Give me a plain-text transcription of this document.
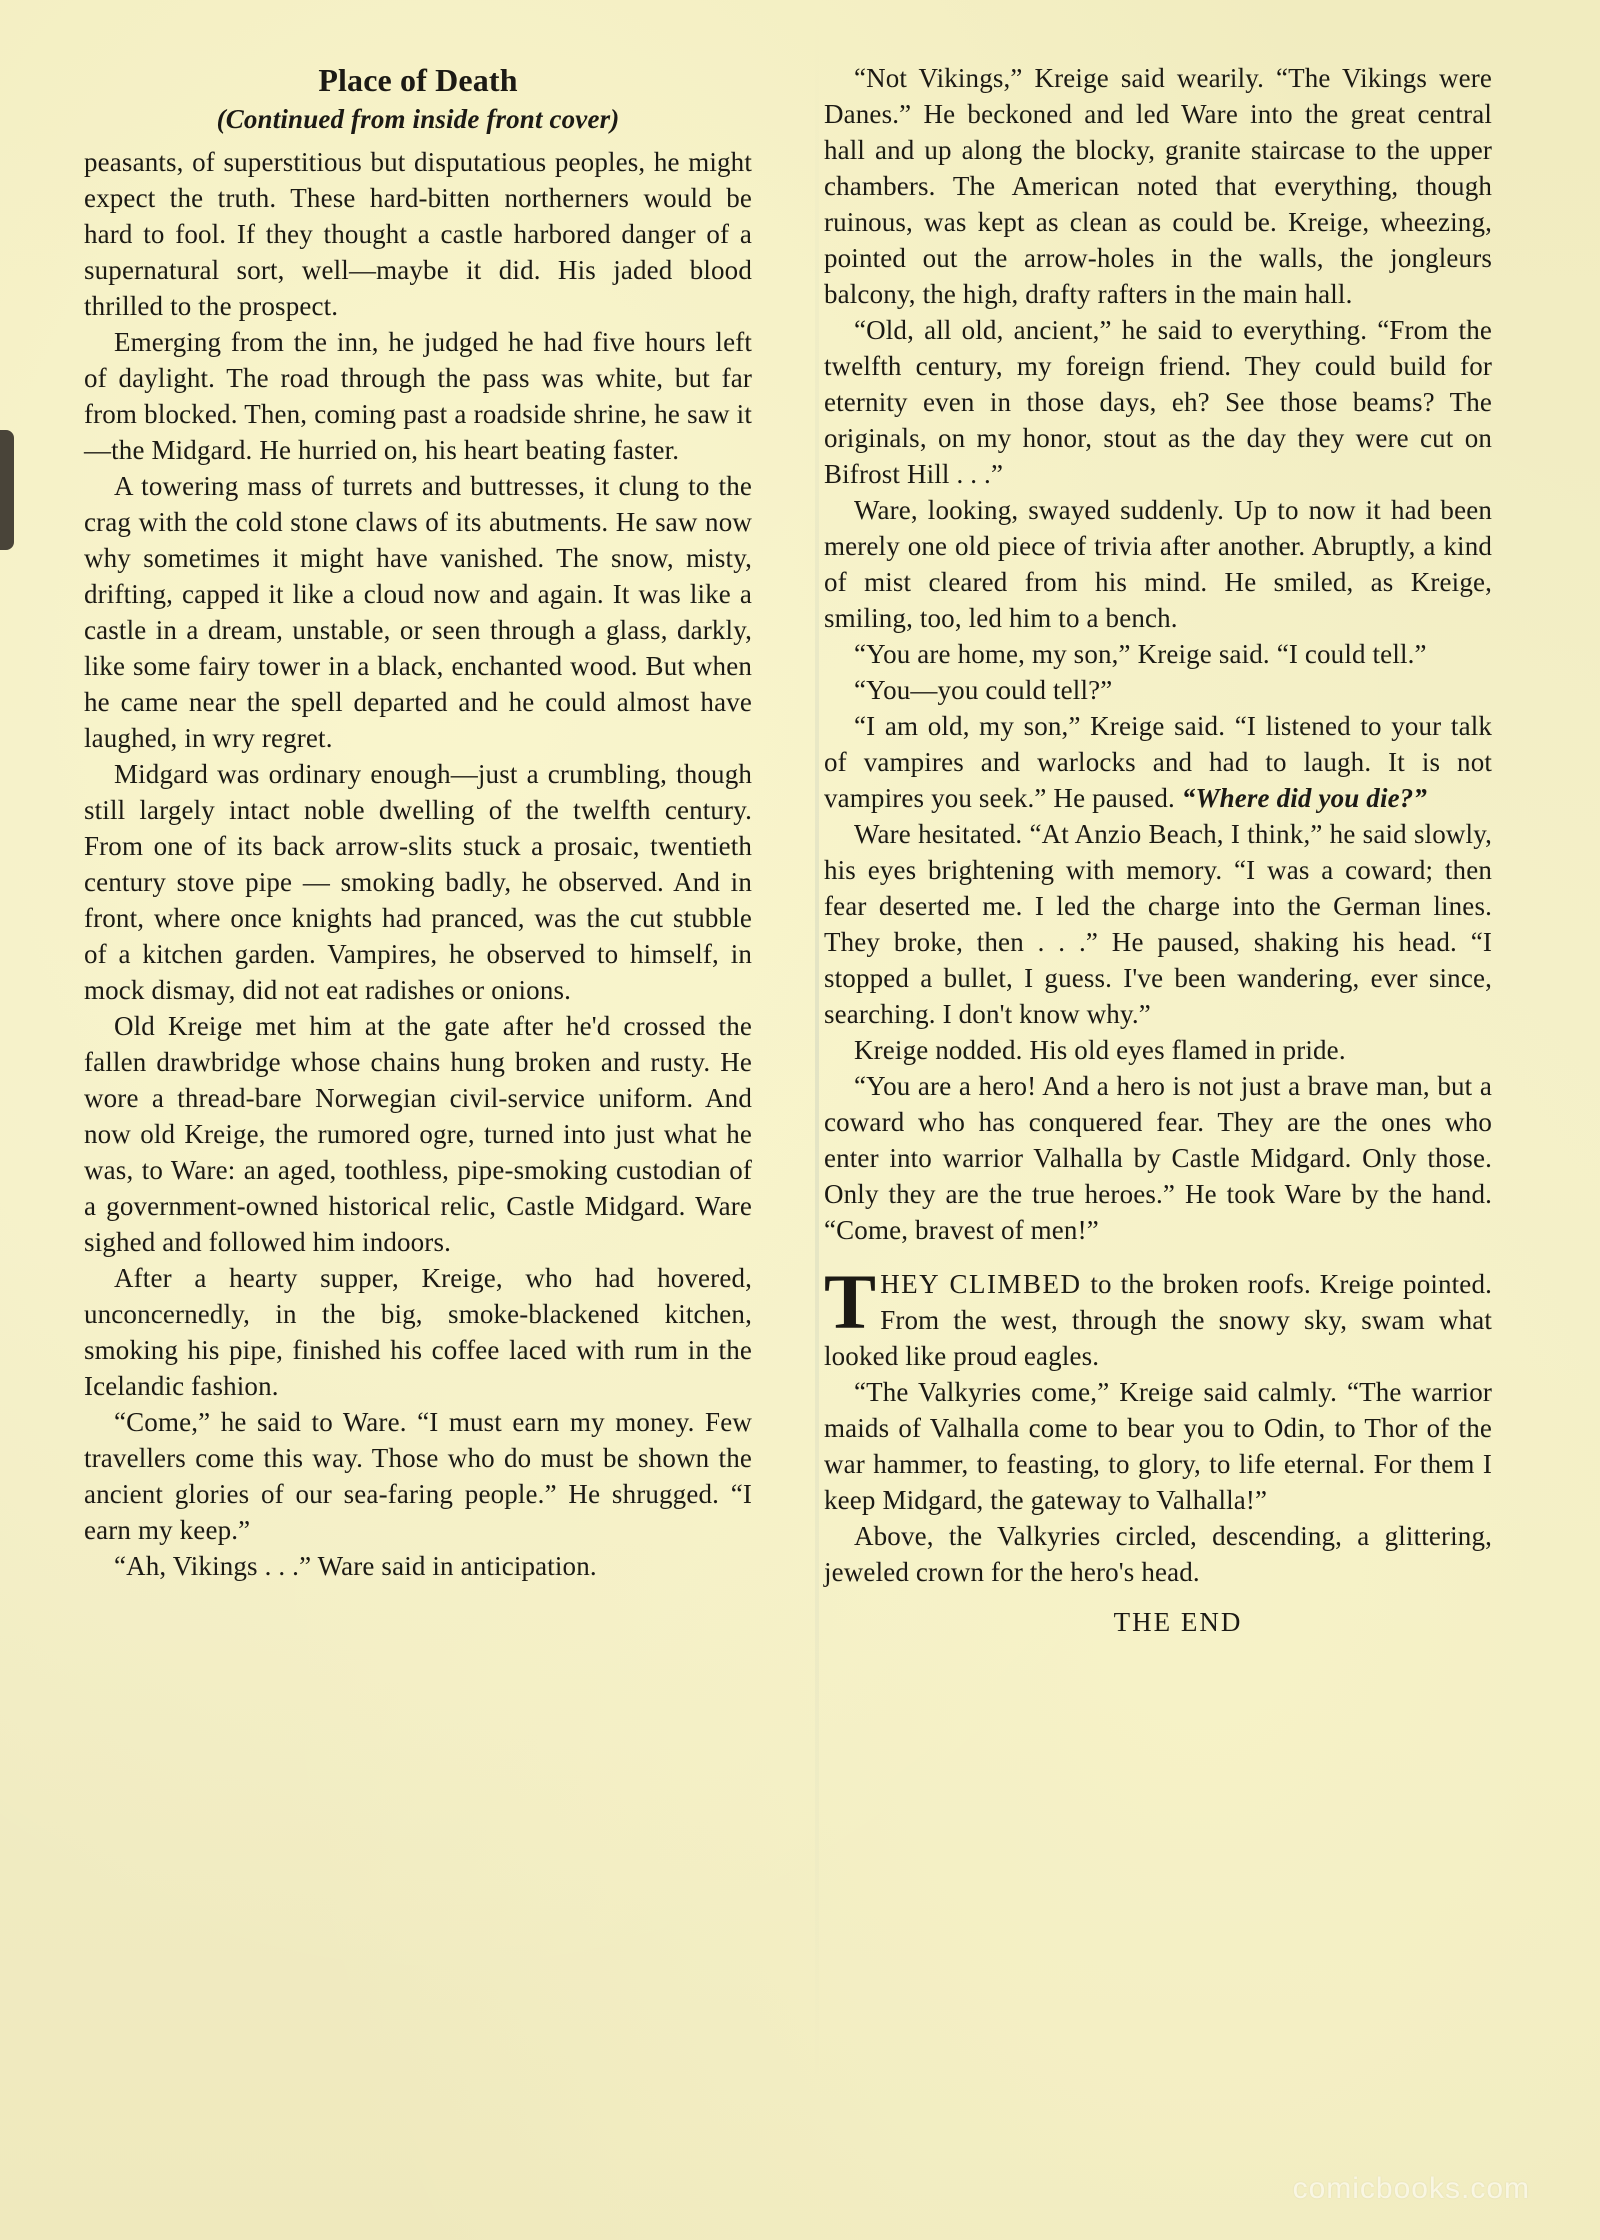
Place of Death
(Continued from inside front cover)

peasants, of superstitious but disputatious peoples, he might expect the truth. These hard-bitten northerners would be hard to fool. If they thought a castle harbored danger of a supernatural sort, well—maybe it did. His jaded blood thrilled to the prospect.

Emerging from the inn, he judged he had five hours left of daylight. The road through the pass was white, but far from blocked. Then, coming past a roadside shrine, he saw it—the Midgard. He hurried on, his heart beating faster.

A towering mass of turrets and buttresses, it clung to the crag with the cold stone claws of its abutments. He saw now why sometimes it might have vanished. The snow, misty, drifting, capped it like a cloud now and again. It was like a castle in a dream, unstable, or seen through a glass, darkly, like some fairy tower in a black, enchanted wood. But when he came near the spell departed and he could almost have laughed, in wry regret.

Midgard was ordinary enough—just a crumbling, though still largely intact noble dwelling of the twelfth century. From one of its back arrow-slits stuck a prosaic, twentieth century stove pipe — smoking badly, he observed. And in front, where once knights had pranced, was the cut stubble of a kitchen garden. Vampires, he observed to himself, in mock dismay, did not eat radishes or onions.

Old Kreige met him at the gate after he'd crossed the fallen drawbridge whose chains hung broken and rusty. He wore a thread-bare Norwegian civil-service uniform. And now old Kreige, the rumored ogre, turned into just what he was, to Ware: an aged, toothless, pipe-smoking custodian of a government-owned historical relic, Castle Midgard. Ware sighed and followed him indoors.

After a hearty supper, Kreige, who had hovered, unconcernedly, in the big, smoke-blackened kitchen, smoking his pipe, finished his coffee laced with rum in the Icelandic fashion.

“Come,” he said to Ware. “I must earn my money. Few travellers come this way. Those who do must be shown the ancient glories of our sea-faring people.” He shrugged. “I earn my keep.”

“Ah, Vikings . . .” Ware said in anticipation.

“Not Vikings,” Kreige said wearily. “The Vikings were Danes.” He beckoned and led Ware into the great central hall and up along the blocky, granite staircase to the upper chambers. The American noted that everything, though ruinous, was kept as clean as could be. Kreige, wheezing, pointed out the arrow-holes in the walls, the jongleurs balcony, the high, drafty rafters in the main hall.

“Old, all old, ancient,” he said to everything. “From the twelfth century, my foreign friend. They could build for eternity even in those days, eh? See those beams? The originals, on my honor, stout as the day they were cut on Bifrost Hill . . .”

Ware, looking, swayed suddenly. Up to now it had been merely one old piece of trivia after another. Abruptly, a kind of mist cleared from his mind. He smiled, as Kreige, smiling, too, led him to a bench.

“You are home, my son,” Kreige said. “I could tell.”

“You—you could tell?”

“I am old, my son,” Kreige said. “I listened to your talk of vampires and warlocks and had to laugh. It is not vampires you seek.” He paused. “Where did you die?”

Ware hesitated. “At Anzio Beach, I think,” he said slowly, his eyes brightening with memory. “I was a coward; then fear deserted me. I led the charge into the German lines. They broke, then . . .” He paused, shaking his head. “I stopped a bullet, I guess. I've been wandering, ever since, searching. I don't know why.”

Kreige nodded. His old eyes flamed in pride.

“You are a hero! And a hero is not just a brave man, but a coward who has conquered fear. They are the ones who enter into warrior Valhalla by Castle Midgard. Only those. Only they are the true heroes.” He took Ware by the hand. “Come, bravest of men!”

THEY CLIMBED to the broken roofs. Kreige pointed. From the west, through the snowy sky, swam what looked like proud eagles.

“The Valkyries come,” Kreige said calmly. “The warrior maids of Valhalla come to bear you to Odin, to Thor of the war hammer, to feasting, to glory, to life eternal. For them I keep Midgard, the gateway to Valhalla!”

Above, the Valkyries circled, descending, a glittering, jeweled crown for the hero's head.

THE END

comicbooks.com
